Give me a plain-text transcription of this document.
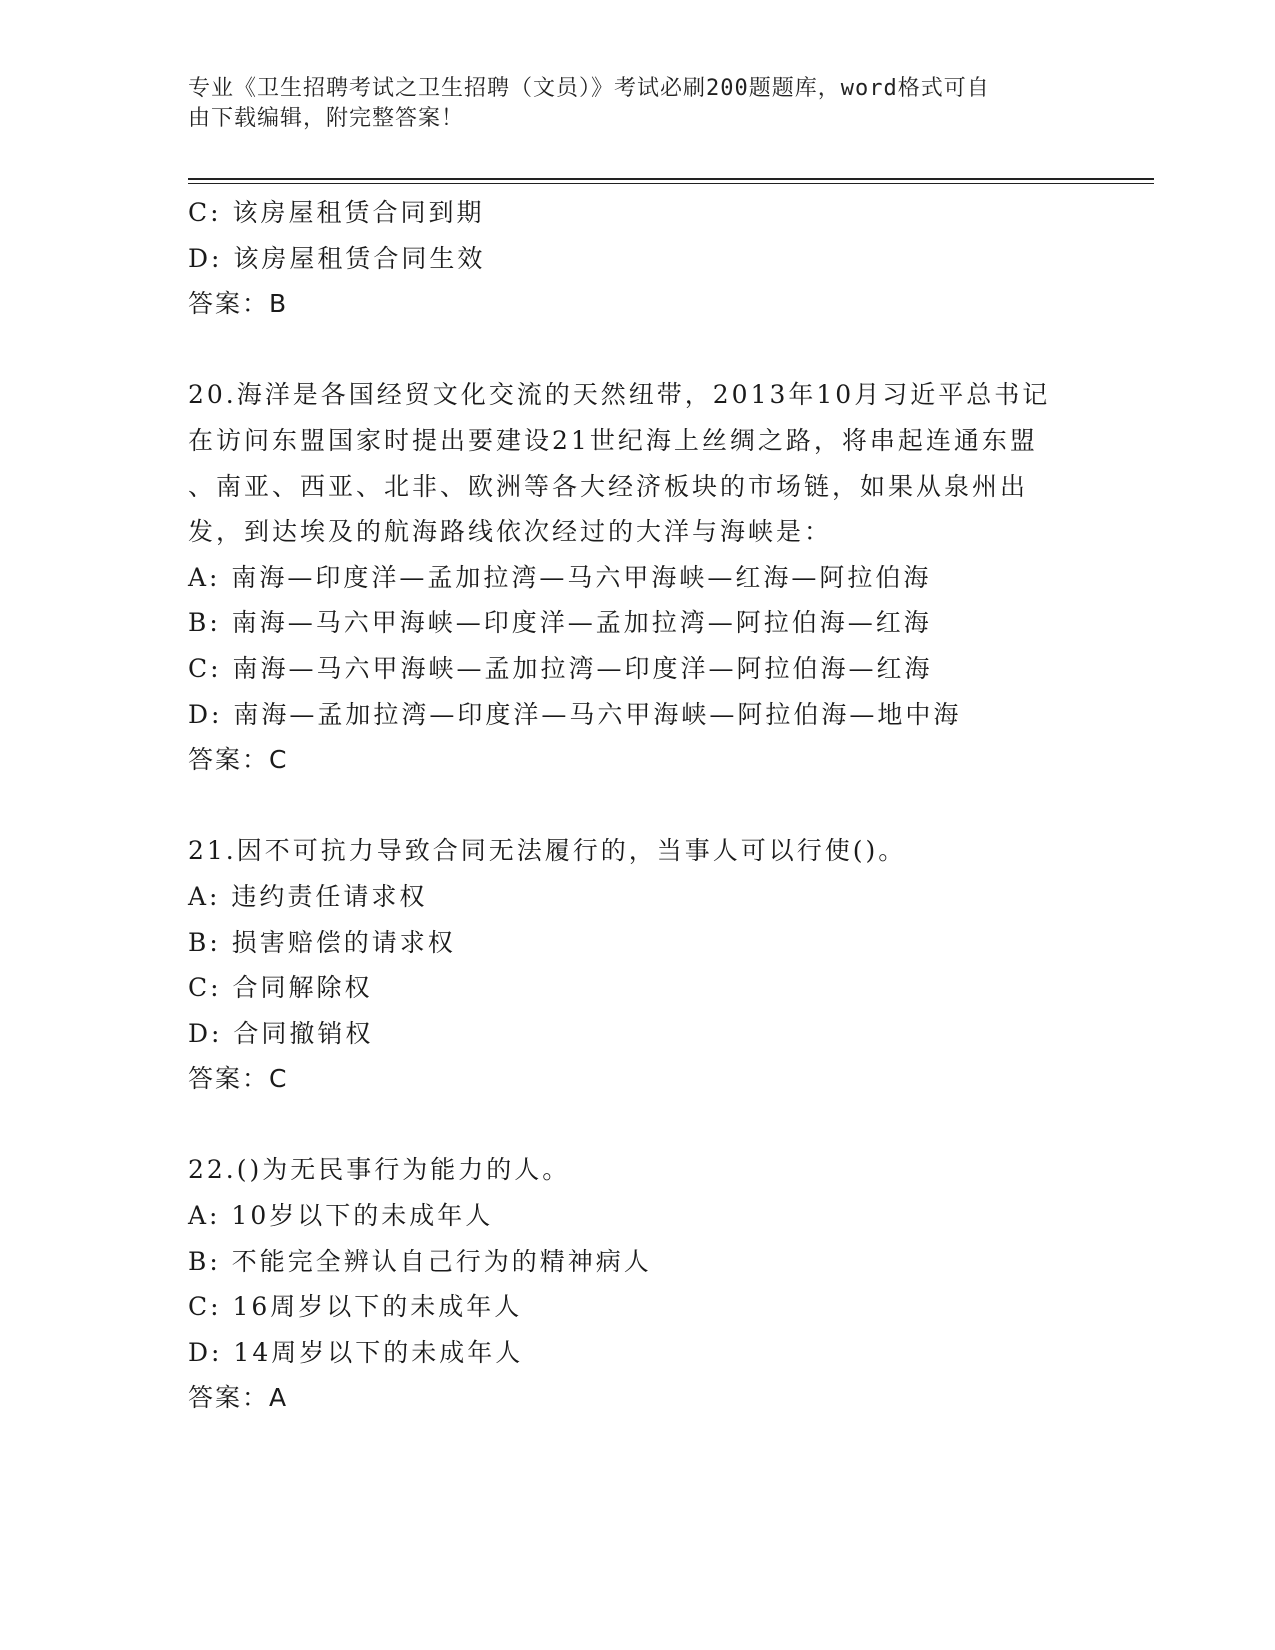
专业《卫生招聘考试之卫生招聘（文员）》考试必刷200题题库，word格式可自
由下载编辑，附完整答案！
C: 该房屋租赁合同到期
D: 该房屋租赁合同生效
答案：B
20.海洋是各国经贸文化交流的天然纽带，2013年10月习近平总书记
在访问东盟国家时提出要建设21世纪海上丝绸之路，将串起连通东盟
、南亚、西亚、北非、欧洲等各大经济板块的市场链，如果从泉州出
发，到达埃及的航海路线依次经过的大洋与海峡是：
A: 南海—印度洋—孟加拉湾—马六甲海峡—红海—阿拉伯海
B: 南海—马六甲海峡—印度洋—孟加拉湾—阿拉伯海—红海
C: 南海—马六甲海峡—孟加拉湾—印度洋—阿拉伯海—红海
D: 南海—孟加拉湾—印度洋—马六甲海峡—阿拉伯海—地中海
答案：C
21.因不可抗力导致合同无法履行的，当事人可以行使()。
A: 违约责任请求权
B: 损害赔偿的请求权
C: 合同解除权
D: 合同撤销权
答案：C
22.()为无民事行为能力的人。
A: 10岁以下的未成年人
B: 不能完全辨认自己行为的精神病人
C: 16周岁以下的未成年人
D: 14周岁以下的未成年人
答案：A
